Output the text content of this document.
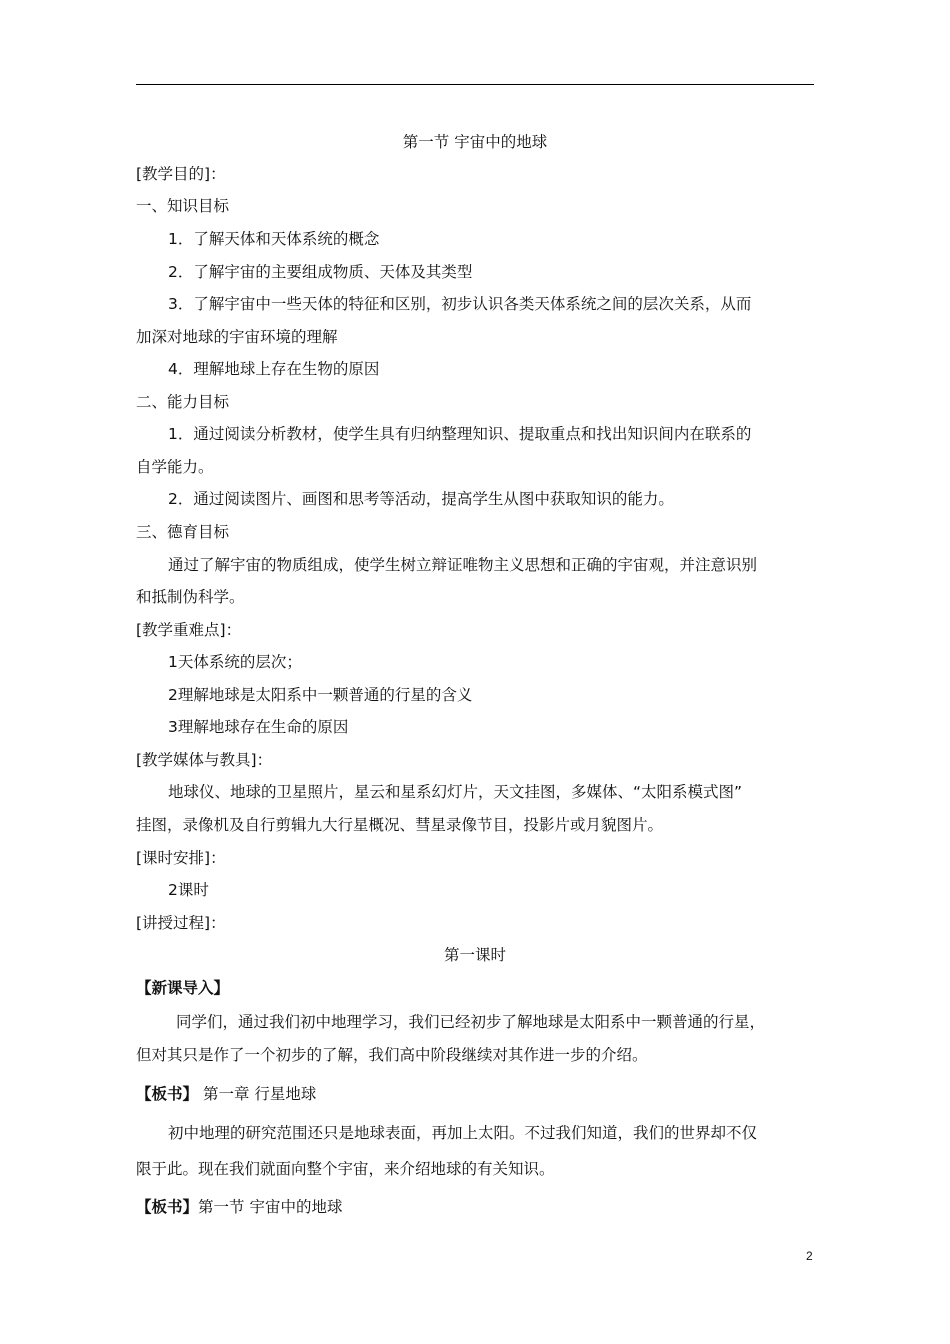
第一节 宇宙中的地球
[教学目的]：
一、知识目标
1．了解天体和天体系统的概念
2．了解宇宙的主要组成物质、天体及其类型
3．了解宇宙中一些天体的特征和区别，初步认识各类天体系统之间的层次关系，从而
加深对地球的宇宙环境的理解
4．理解地球上存在生物的原因
二、能力目标
1．通过阅读分析教材，使学生具有归纳整理知识、提取重点和找出知识间内在联系的
自学能力。
2．通过阅读图片、画图和思考等活动，提高学生从图中获取知识的能力。
三、德育目标
通过了解宇宙的物质组成，使学生树立辩证唯物主义思想和正确的宇宙观，并注意识别
和抵制伪科学。
[教学重难点]：
1天体系统的层次；
2理解地球是太阳系中一颗普通的行星的含义
3理解地球存在生命的原因
[教学媒体与教具]：
地球仪、地球的卫星照片，星云和星系幻灯片，天文挂图，多媒体、“太阳系模式图”
挂图，录像机及自行剪辑九大行星概况、彗星录像节目，投影片或月貌图片。
[课时安排]：
2课时
[讲授过程]：
第一课时
【新课导入】
同学们，通过我们初中地理学习，我们已经初步了解地球是太阳系中一颗普通的行星，
但对其只是作了一个初步的了解，我们高中阶段继续对其作进一步的介绍。
【板书】 第一章 行星地球
初中地理的研究范围还只是地球表面，再加上太阳。不过我们知道，我们的世界却不仅
限于此。现在我们就面向整个宇宙，来介绍地球的有关知识。
【板书】第一节 宇宙中的地球
2
